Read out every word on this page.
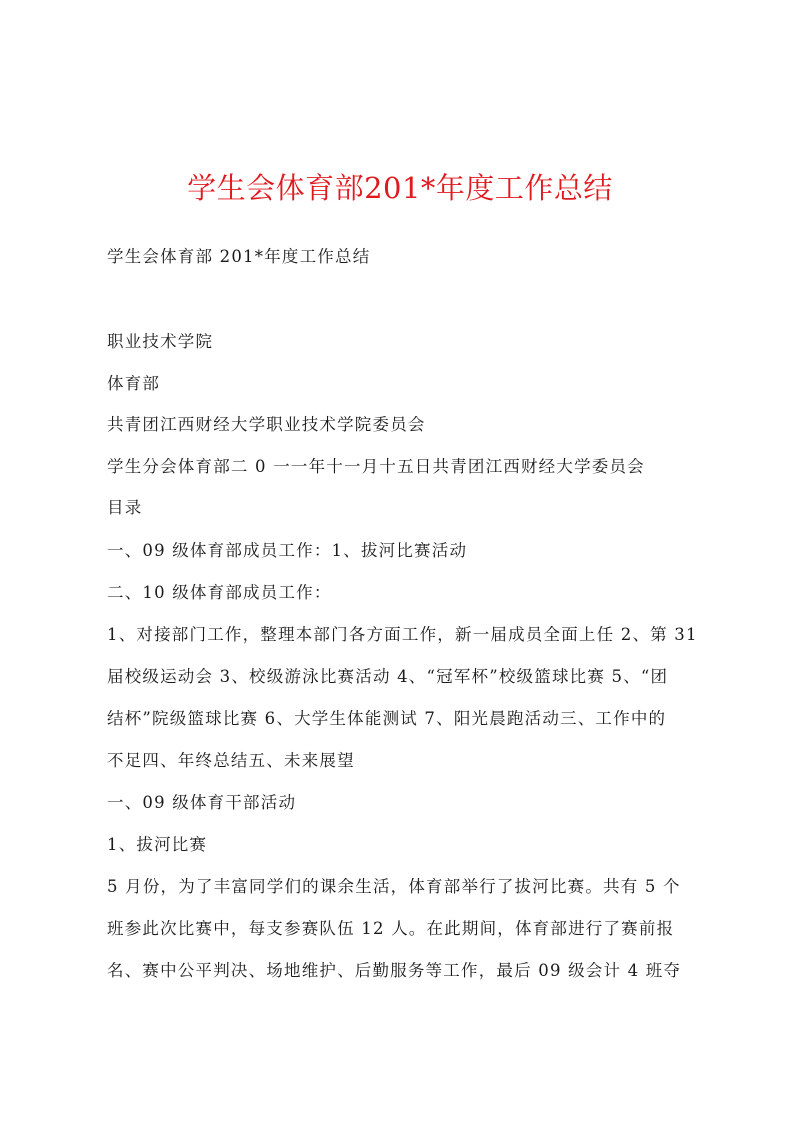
学生会体育部201*年度工作总结
学生会体育部 201*年度工作总结
职业技术学院
体育部
共青团江西财经大学职业技术学院委员会
学生分会体育部二 0 一一年十一月十五日共青团江西财经大学委员会
目录
一、09 级体育部成员工作：1、拔河比赛活动
二、10 级体育部成员工作：
1、对接部门工作，整理本部门各方面工作，新一届成员全面上任 2、第 31
届校级运动会 3、校级游泳比赛活动 4、“冠军杯”校级篮球比赛 5、“团
结杯”院级篮球比赛 6、大学生体能测试 7、阳光晨跑活动三、工作中的
不足四、年终总结五、未来展望
一、09 级体育干部活动
1、拔河比赛
5 月份，为了丰富同学们的课余生活，体育部举行了拔河比赛。共有 5 个
班参此次比赛中，每支参赛队伍 12 人。在此期间，体育部进行了赛前报
名、赛中公平判决、场地维护、后勤服务等工作，最后 09 级会计 4 班夺
